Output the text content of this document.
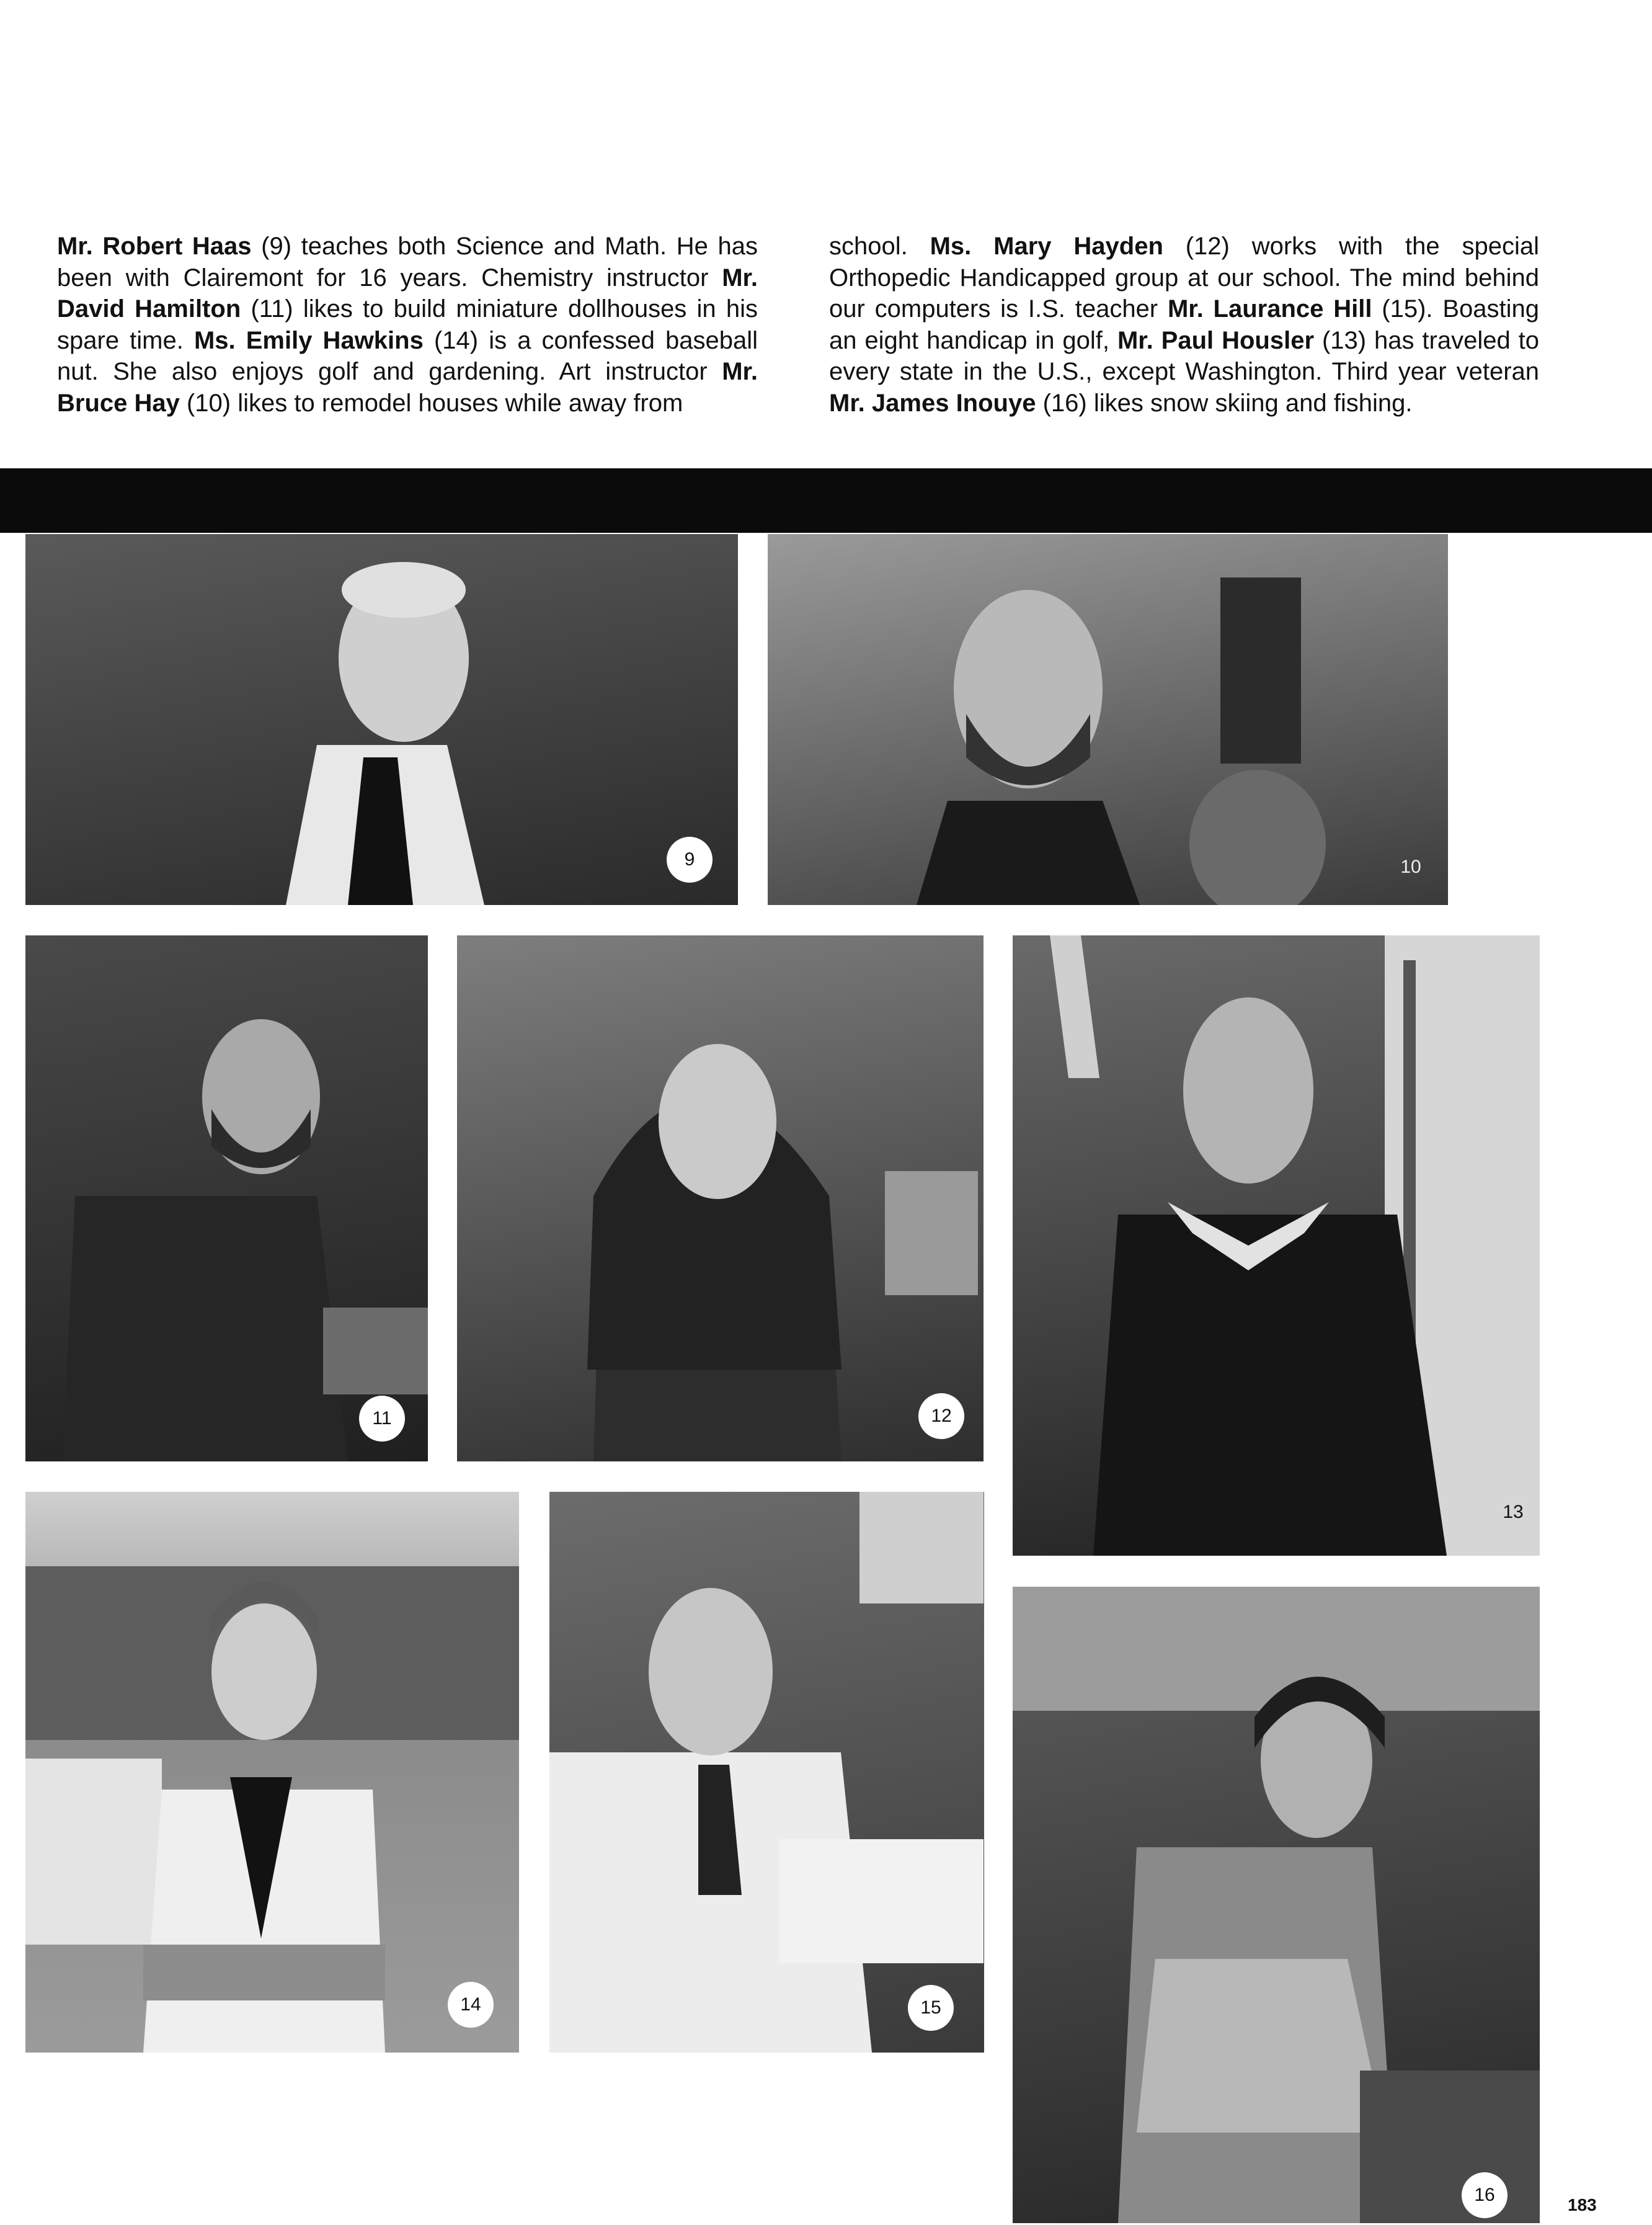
Mr. Robert Haas (9) teaches both Science and Math. He has been with Clairemont for 16 years. Chemistry instructor Mr. David Hamilton (11) likes to build miniature dollhouses in his spare time. Ms. Emily Hawkins (14) is a confessed baseball nut. She also enjoys golf and gardening. Art instructor Mr. Bruce Hay (10) likes to remodel houses while away from
school. Ms. Mary Hayden (12) works with the special Orthopedic Handicapped group at our school. The mind behind our computers is I.S. teacher Mr. Laurance Hill (15). Boasting an eight handicap in golf, Mr. Paul Housler (13) has traveled to every state in the U.S., except Washington. Third year veteran Mr. James Inouye (16) likes snow skiing and fishing.
9	10
11	12
13
14	15
16	183
